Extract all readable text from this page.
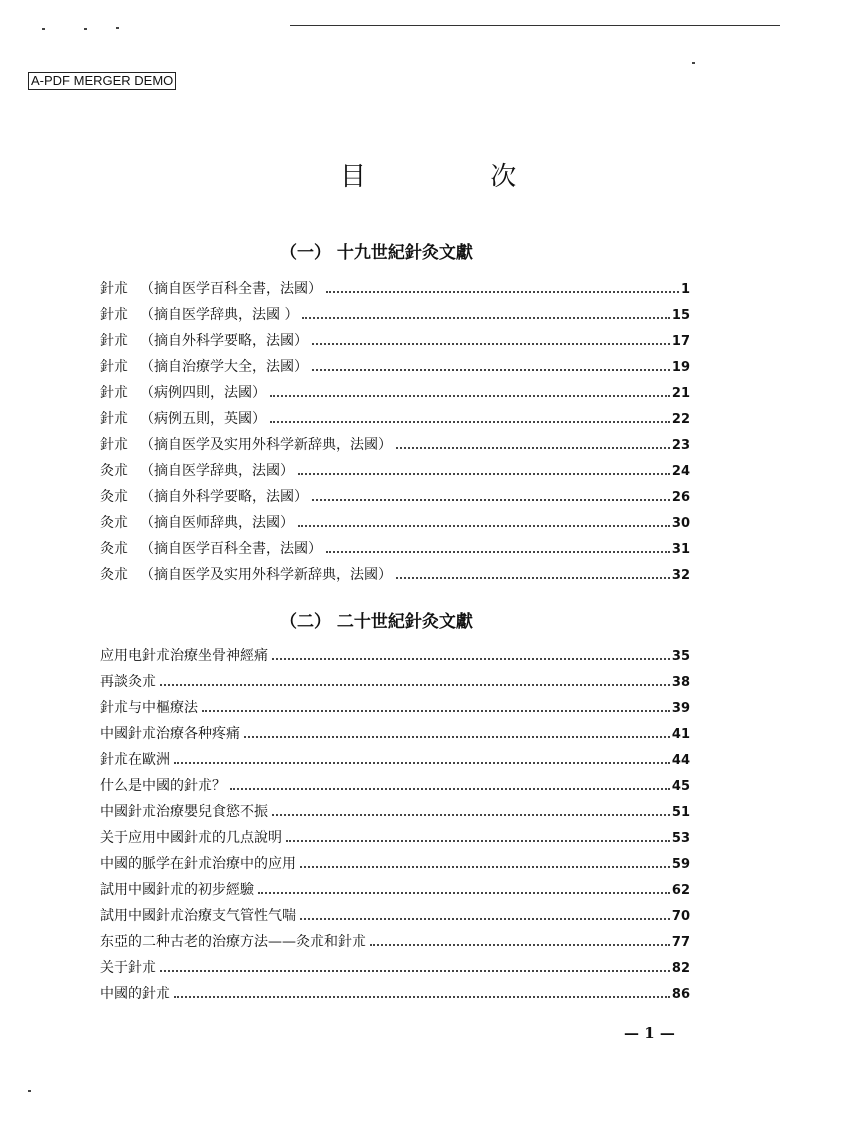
A-PDF MERGER DEMO
目 次
（一） 十九世紀針灸文獻
針朮 （摘自医学百科全書，法國）	1
針朮 （摘自医学辞典，法國 ）	15
針朮 （摘自外科学要略，法國）	17
針朮 （摘自治療学大全，法國）	19
針朮 （病例四則，法國）	21
針朮 （病例五則，英國）	22
針朮 （摘自医学及实用外科学新辞典，法國）	23
灸朮 （摘自医学辞典，法國）	24
灸朮 （摘自外科学要略，法國）	26
灸朮 （摘自医师辞典，法國）	30
灸朮 （摘自医学百科全書，法國）	31
灸朮 （摘自医学及实用外科学新辞典，法國）	32
（二） 二十世紀針灸文獻
应用电針朮治療坐骨神經痛	35
再談灸朮	38
針朮与中樞療法	39
中國針朮治療各种疼痛	41
針朮在歐洲	44
什么是中國的針朮？	45
中國針朮治療嬰兒食慾不振	51
关于应用中國針朮的几点說明	53
中國的脈学在針朮治療中的应用	59
試用中國針朮的初步經驗	62
試用中國針朮治療支气管性气喘	70
东亞的二种古老的治療方法——灸朮和針朮	77
关于針朮	82
中國的針朮	86
— 1 —
